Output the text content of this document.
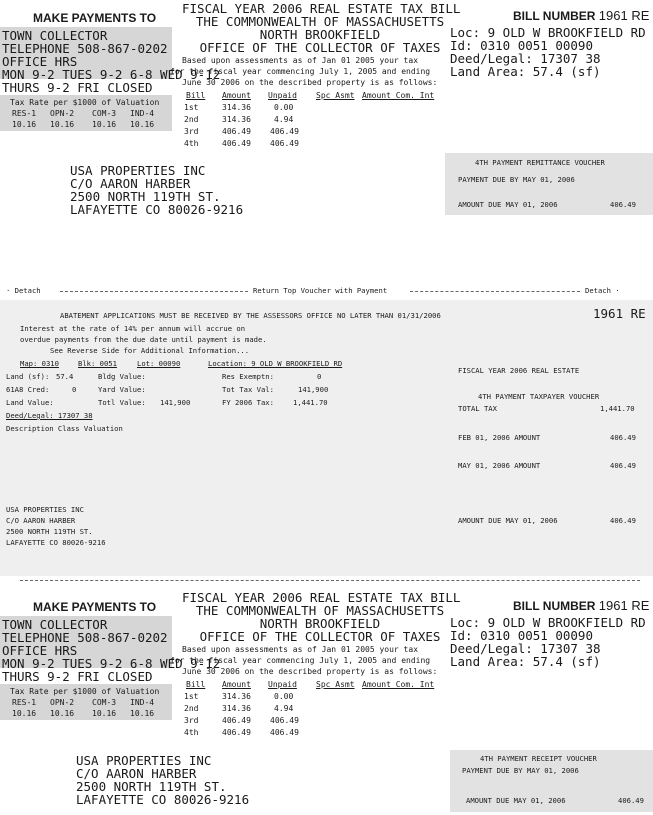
MAKE PAYMENTS TO
TOWN COLLECTOR
TELEPHONE 508-867-0202
OFFICE HRS
MON 9-2 TUES 9-2 6-8 WED 9-12
THURS 9-2 FRI CLOSED
Tax Rate per $1000 of Valuation
RES-1 OPN-2 COM-3 IND-4
10.16 10.16 10.16 10.16
FISCAL YEAR 2006 REAL ESTATE TAX BILL
THE COMMONWEALTH OF MASSACHUSETTS
NORTH BROOKFIELD
OFFICE OF THE COLLECTOR OF TAXES
Based upon assessments as of Jan 01 2005 your tax
for the fiscal year commencing July 1, 2005 and ending
June 30 2006 on the described property is as follows:
Bill Amount Unpaid Spc Asmt Amount Com. Int
1st	314.36	0.00
2nd	314.36	4.94
3rd	406.49 406.49
4th	406.49 406.49
BILL NUMBER 1961 RE
Loc: 9 OLD W BROOKFIELD RD
Id: 0310 0051 00090
Deed/Legal: 17307 38
Land Area: 57.4 (sf)
USA PROPERTIES INC
C/O AARON HARBER
2500 NORTH 119TH ST.
LAFAYETTE CO 80026-9216
4TH PAYMENT REMITTANCE VOUCHER
PAYMENT DUE BY MAY 01, 2006
AMOUNT DUE MAY 01, 2006	406.49
· Detach	Return Top Voucher with Payment	Detach ·
ABATEMENT APPLICATIONS MUST BE RECEIVED BY THE ASSESSORS OFFICE NO LATER THAN 01/31/2006	1961 RE
Interest at the rate of 14% per annum will accrue on
overdue payments from the due date until payment is made.
See Reverse Side for Additional Information...
Map: 0310	Blk: 0051	Lot: 00090	Location: 9 OLD W BROOKFIELD RD
Land (sf): 57.4	Bldg Value:	Res Exemptn:	0
61A8 Cred:	0	Yard Value:	Tot Tax Val:	141,900
Land Value:	Totl Value: 141,900	FY 2006 Tax:	1,441.70
Deed/Legal: 17307 38
Description Class Valuation
USA PROPERTIES INC
C/O AARON HARBER
2500 NORTH 119TH ST.
LAFAYETTE CO 80026-9216
FISCAL YEAR 2006 REAL ESTATE
4TH PAYMENT TAXPAYER VOUCHER
TOTAL TAX	1,441.70
FEB 01, 2006 AMOUNT	406.49
MAY 01, 2006 AMOUNT	406.49
AMOUNT DUE MAY 01, 2006	406.49
MAKE PAYMENTS TO
TOWN COLLECTOR
TELEPHONE 508-867-0202
OFFICE HRS
MON 9-2 TUES 9-2 6-8 WED 9-12
THURS 9-2 FRI CLOSED
Tax Rate per $1000 of Valuation
RES-1 OPN-2 COM-3 IND-4
10.16 10.16 10.16 10.16
FISCAL YEAR 2006 REAL ESTATE TAX BILL
THE COMMONWEALTH OF MASSACHUSETTS
NORTH BROOKFIELD
OFFICE OF THE COLLECTOR OF TAXES
Based upon assessments as of Jan 01 2005 your tax
for the fiscal year commencing July 1, 2005 and ending
June 30 2006 on the described property is as follows:
Bill Amount Unpaid Spc Asmt Amount Com. Int
1st	314.36	0.00
2nd	314.36	4.94
3rd	406.49 406.49
4th	406.49 406.49
BILL NUMBER 1961 RE
Loc: 9 OLD W BROOKFIELD RD
Id: 0310 0051 00090
Deed/Legal: 17307 38
Land Area: 57.4 (sf)
USA PROPERTIES INC
C/O AARON HARBER
2500 NORTH 119TH ST.
LAFAYETTE CO 80026-9216
4TH PAYMENT RECEIPT VOUCHER
PAYMENT DUE BY MAY 01, 2006
AMOUNT DUE MAY 01, 2006	406.49
